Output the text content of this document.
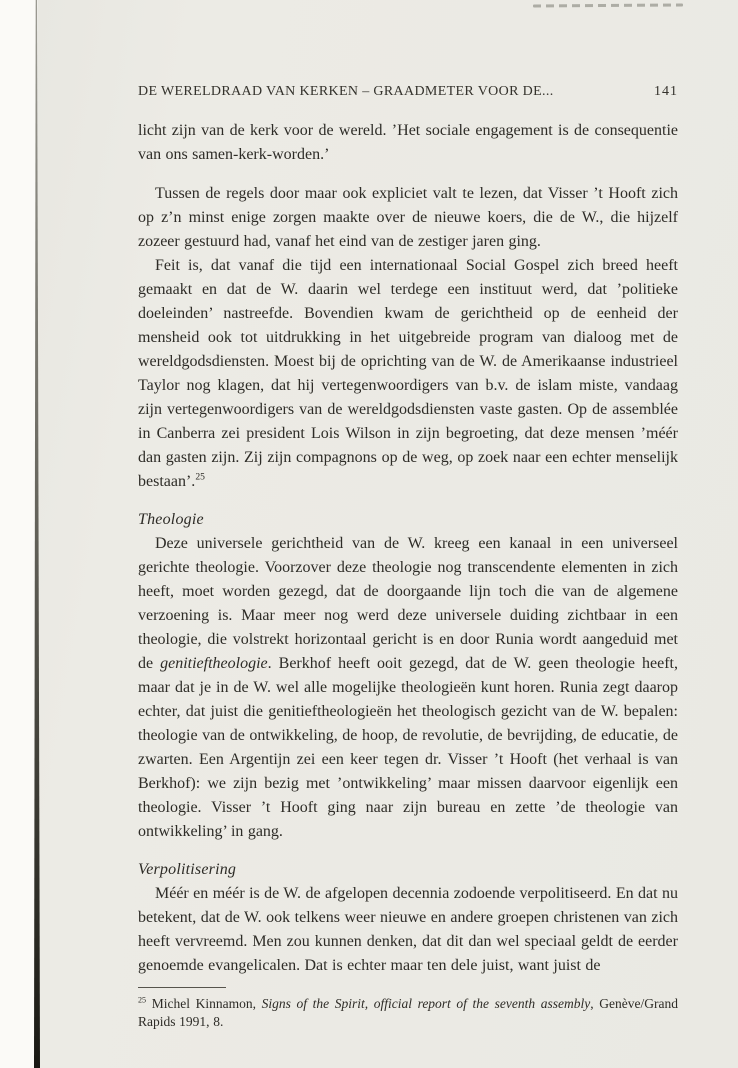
DE WERELDRAAD VAN KERKEN – GRAADMETER VOOR DE...	141

licht zijn van de kerk voor de wereld. ’Het sociale engagement is de consequentie van ons samen-kerk-worden.’

Tussen de regels door maar ook expliciet valt te lezen, dat Visser ’t Hooft zich op z’n minst enige zorgen maakte over de nieuwe koers, die de W., die hijzelf zozeer gestuurd had, vanaf het eind van de zestiger jaren ging.

Feit is, dat vanaf die tijd een internationaal Social Gospel zich breed heeft gemaakt en dat de W. daarin wel terdege een instituut werd, dat ’politieke doeleinden’ nastreefde. Bovendien kwam de gerichtheid op de eenheid der mensheid ook tot uitdrukking in het uitgebreide program van dialoog met de wereldgodsdiensten. Moest bij de oprichting van de W. de Amerikaanse industrieel Taylor nog klagen, dat hij vertegenwoordigers van b.v. de islam miste, vandaag zijn vertegenwoordigers van de wereldgodsdiensten vaste gasten. Op de assemblée in Canberra zei president Lois Wilson in zijn begroeting, dat deze mensen ’méér dan gasten zijn. Zij zijn compagnons op de weg, op zoek naar een echter menselijk bestaan’.$^{25}$

Theologie

Deze universele gerichtheid van de W. kreeg een kanaal in een universeel gerichte theologie. Voorzover deze theologie nog transcendente elementen in zich heeft, moet worden gezegd, dat de doorgaande lijn toch die van de algemene verzoening is. Maar meer nog werd deze universele duiding zichtbaar in een theologie, die volstrekt horizontaal gericht is en door Runia wordt aangeduid met de genitieftheologie. Berkhof heeft ooit gezegd, dat de W. geen theologie heeft, maar dat je in de W. wel alle mogelijke theologieën kunt horen. Runia zegt daarop echter, dat juist die genitieftheologieën het theologisch gezicht van de W. bepalen: theologie van de ontwikkeling, de hoop, de revolutie, de bevrijding, de educatie, de zwarten. Een Argentijn zei een keer tegen dr. Visser ’t Hooft (het verhaal is van Berkhof): we zijn bezig met ’ontwikkeling’ maar missen daarvoor eigenlijk een theologie. Visser ’t Hooft ging naar zijn bureau en zette ’de theologie van ontwikkeling’ in gang.

Verpolitisering

Méér en méér is de W. de afgelopen decennia zodoende verpolitiseerd. En dat nu betekent, dat de W. ook telkens weer nieuwe en andere groepen christenen van zich heeft vervreemd. Men zou kunnen denken, dat dit dan wel speciaal geldt de eerder genoemde evangelicalen. Dat is echter maar ten dele juist, want juist de

$^{25}$ Michel Kinnamon, Signs of the Spirit, official report of the seventh assembly, Genève/Grand Rapids 1991, 8.
